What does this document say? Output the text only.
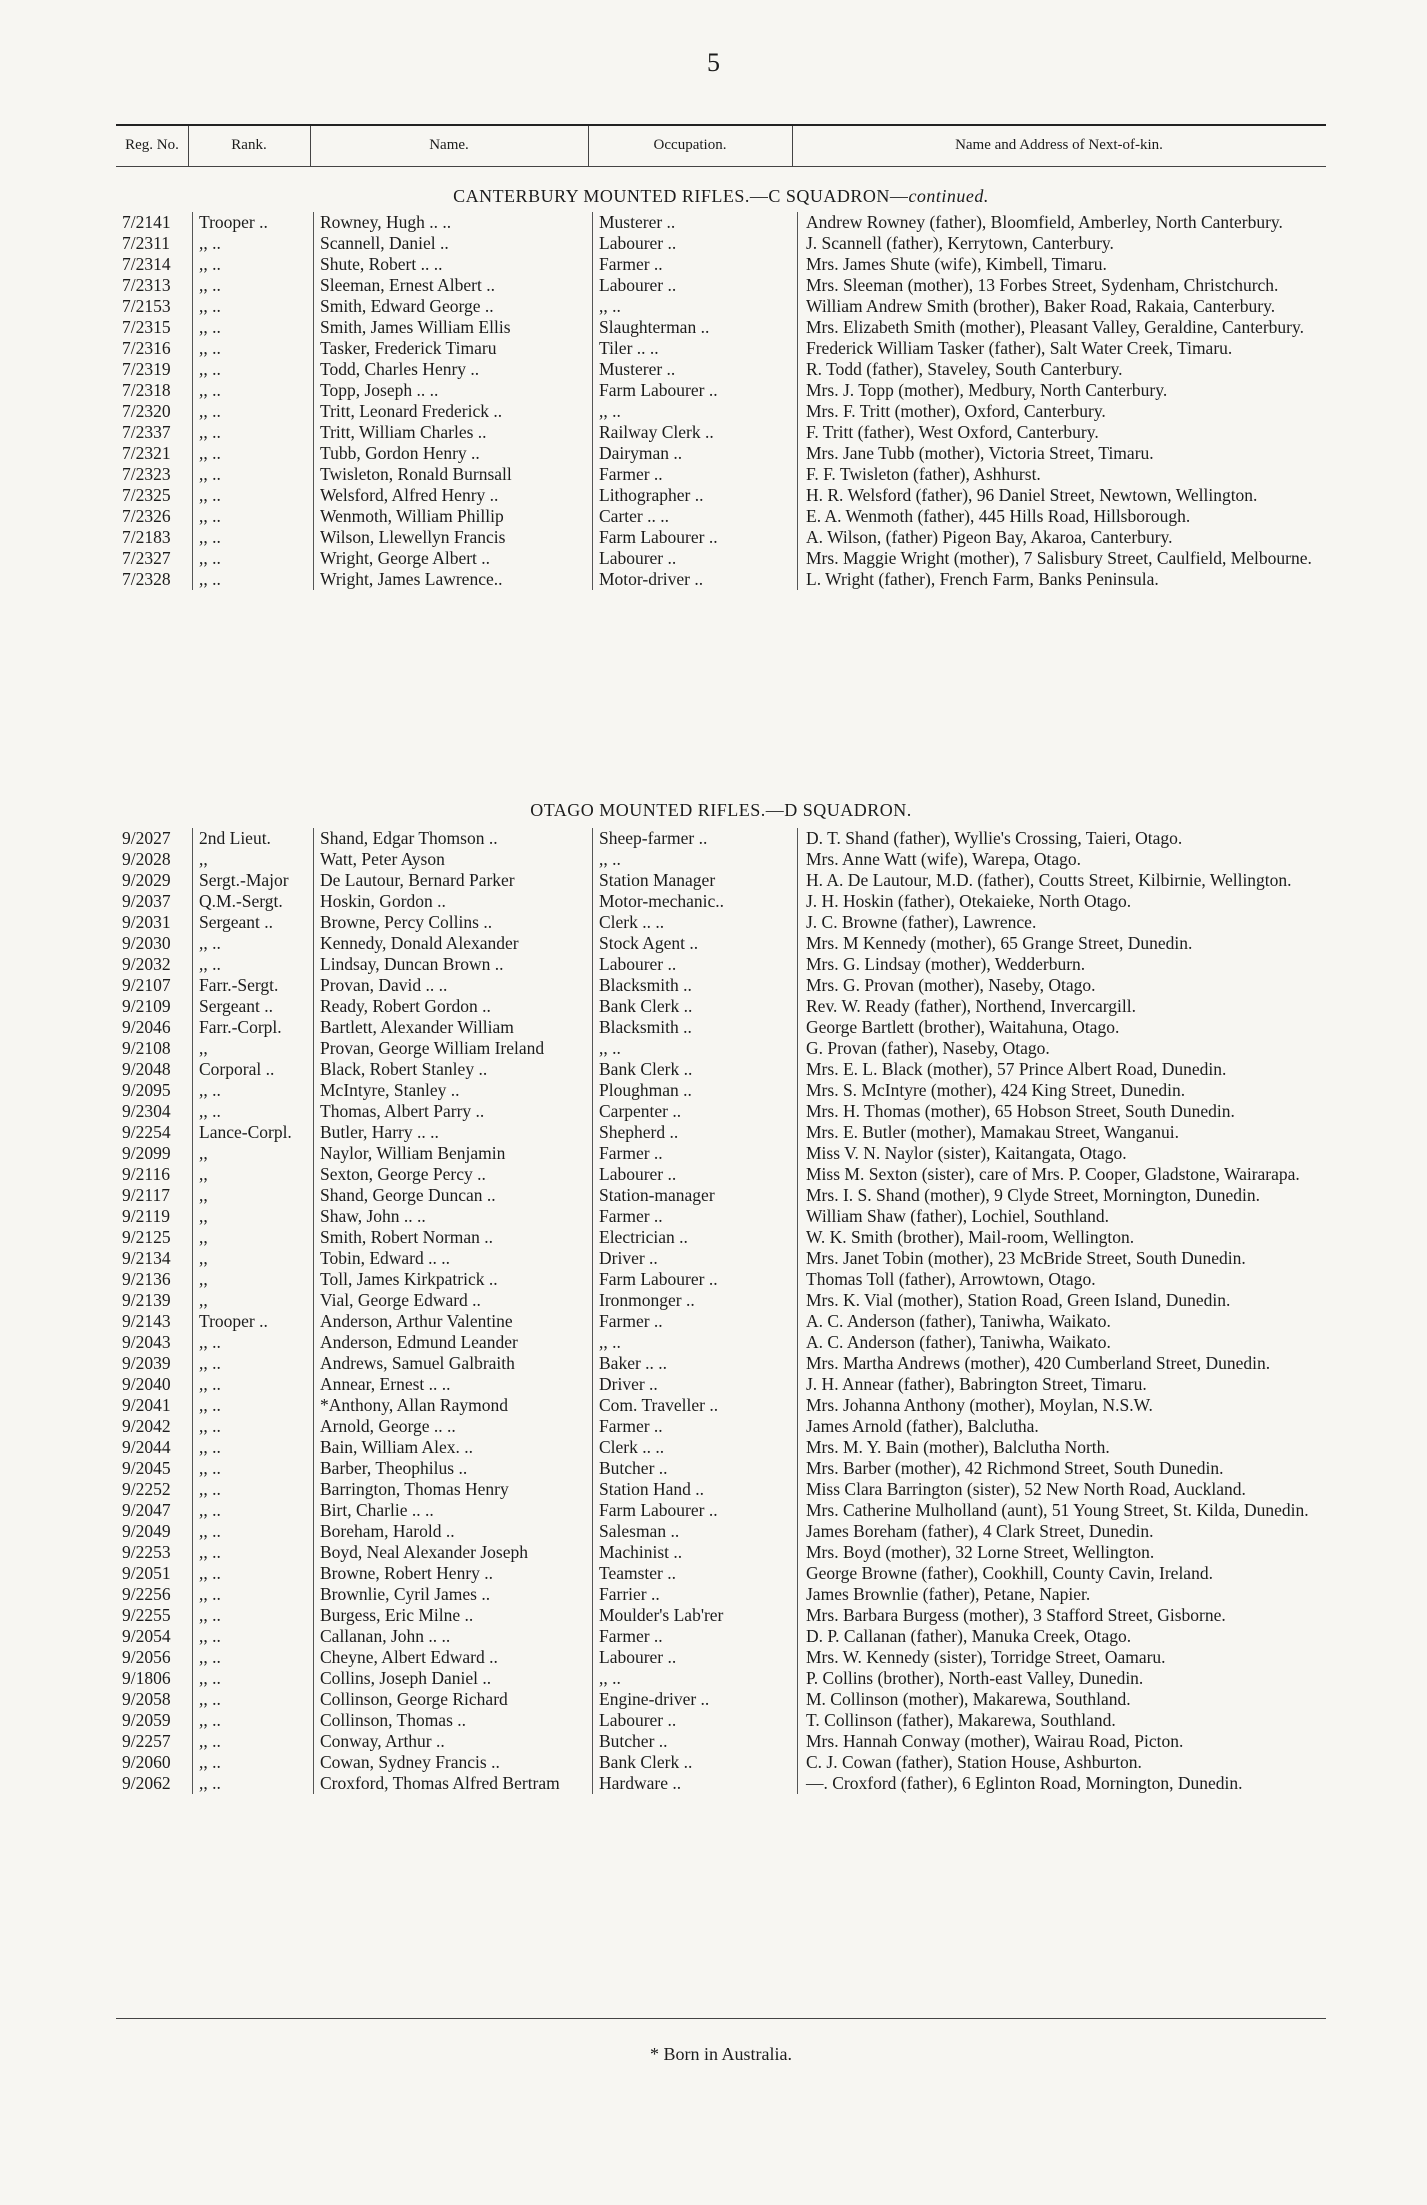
5
Reg. No.	Rank.	Name.	Occupation.	Name and Address of Next-of-kin.
CANTERBURY MOUNTED RIFLES.—C SQUADRON—continued.
7/2141	Trooper ..	Rowney, Hugh .. ..	Musterer ..	Andrew Rowney (father), Bloomfield, Amberley, North Canterbury.
7/2311	,, ..	Scannell, Daniel ..	Labourer ..	J. Scannell (father), Kerrytown, Canterbury.
7/2314	,, ..	Shute, Robert .. ..	Farmer ..	Mrs. James Shute (wife), Kimbell, Timaru.
7/2313	,, ..	Sleeman, Ernest Albert ..	Labourer ..	Mrs. Sleeman (mother), 13 Forbes Street, Sydenham, Christchurch.
7/2153	,, ..	Smith, Edward George ..	,, ..	William Andrew Smith (brother), Baker Road, Rakaia, Canterbury.
7/2315	,, ..	Smith, James William Ellis	Slaughterman ..	Mrs. Elizabeth Smith (mother), Pleasant Valley, Geraldine, Canterbury.
7/2316	,, ..	Tasker, Frederick Timaru	Tiler .. ..	Frederick William Tasker (father), Salt Water Creek, Timaru.
7/2319	,, ..	Todd, Charles Henry ..	Musterer ..	R. Todd (father), Staveley, South Canterbury.
7/2318	,, ..	Topp, Joseph .. ..	Farm Labourer ..	Mrs. J. Topp (mother), Medbury, North Canterbury.
7/2320	,, ..	Tritt, Leonard Frederick ..	,, ..	Mrs. F. Tritt (mother), Oxford, Canterbury.
7/2337	,, ..	Tritt, William Charles ..	Railway Clerk ..	F. Tritt (father), West Oxford, Canterbury.
7/2321	,, ..	Tubb, Gordon Henry ..	Dairyman ..	Mrs. Jane Tubb (mother), Victoria Street, Timaru.
7/2323	,, ..	Twisleton, Ronald Burnsall	Farmer ..	F. F. Twisleton (father), Ashhurst.
7/2325	,, ..	Welsford, Alfred Henry ..	Lithographer ..	H. R. Welsford (father), 96 Daniel Street, Newtown, Wellington.
7/2326	,, ..	Wenmoth, William Phillip	Carter .. ..	E. A. Wenmoth (father), 445 Hills Road, Hillsborough.
7/2183	,, ..	Wilson, Llewellyn Francis	Farm Labourer ..	A. Wilson, (father) Pigeon Bay, Akaroa, Canterbury.
7/2327	,, ..	Wright, George Albert ..	Labourer ..	Mrs. Maggie Wright (mother), 7 Salisbury Street, Caulfield, Melbourne.
7/2328	,, ..	Wright, James Lawrence..	Motor-driver ..	L. Wright (father), French Farm, Banks Peninsula.
OTAGO MOUNTED RIFLES.—D SQUADRON.
9/2027	2nd Lieut.	Shand, Edgar Thomson ..	Sheep-farmer ..	D. T. Shand (father), Wyllie's Crossing, Taieri, Otago.
9/2028	,,	Watt, Peter Ayson	,, ..	Mrs. Anne Watt (wife), Warepa, Otago.
9/2029	Sergt.-Major	De Lautour, Bernard Parker	Station Manager	H. A. De Lautour, M.D. (father), Coutts Street, Kilbirnie, Wellington.
9/2037	Q.M.-Sergt.	Hoskin, Gordon ..	Motor-mechanic..	J. H. Hoskin (father), Otekaieke, North Otago.
9/2031	Sergeant ..	Browne, Percy Collins ..	Clerk .. ..	J. C. Browne (father), Lawrence.
9/2030	,, ..	Kennedy, Donald Alexander	Stock Agent ..	Mrs. M Kennedy (mother), 65 Grange Street, Dunedin.
9/2032	,, ..	Lindsay, Duncan Brown ..	Labourer ..	Mrs. G. Lindsay (mother), Wedderburn.
9/2107	Farr.-Sergt.	Provan, David .. ..	Blacksmith ..	Mrs. G. Provan (mother), Naseby, Otago.
9/2109	Sergeant ..	Ready, Robert Gordon ..	Bank Clerk ..	Rev. W. Ready (father), Northend, Invercargill.
9/2046	Farr.-Corpl.	Bartlett, Alexander William	Blacksmith ..	George Bartlett (brother), Waitahuna, Otago.
9/2108	,,	Provan, George William Ireland	,, ..	G. Provan (father), Naseby, Otago.
9/2048	Corporal ..	Black, Robert Stanley ..	Bank Clerk ..	Mrs. E. L. Black (mother), 57 Prince Albert Road, Dunedin.
9/2095	,, ..	McIntyre, Stanley ..	Ploughman ..	Mrs. S. McIntyre (mother), 424 King Street, Dunedin.
9/2304	,, ..	Thomas, Albert Parry ..	Carpenter ..	Mrs. H. Thomas (mother), 65 Hobson Street, South Dunedin.
9/2254	Lance-Corpl.	Butler, Harry .. ..	Shepherd ..	Mrs. E. Butler (mother), Mamakau Street, Wanganui.
9/2099	,,	Naylor, William Benjamin	Farmer ..	Miss V. N. Naylor (sister), Kaitangata, Otago.
9/2116	,,	Sexton, George Percy ..	Labourer ..	Miss M. Sexton (sister), care of Mrs. P. Cooper, Gladstone, Wairarapa.
9/2117	,,	Shand, George Duncan ..	Station-manager	Mrs. I. S. Shand (mother), 9 Clyde Street, Mornington, Dunedin.
9/2119	,,	Shaw, John .. ..	Farmer ..	William Shaw (father), Lochiel, Southland.
9/2125	,,	Smith, Robert Norman ..	Electrician ..	W. K. Smith (brother), Mail-room, Wellington.
9/2134	,,	Tobin, Edward .. ..	Driver ..	Mrs. Janet Tobin (mother), 23 McBride Street, South Dunedin.
9/2136	,,	Toll, James Kirkpatrick ..	Farm Labourer ..	Thomas Toll (father), Arrowtown, Otago.
9/2139	,,	Vial, George Edward ..	Ironmonger ..	Mrs. K. Vial (mother), Station Road, Green Island, Dunedin.
9/2143	Trooper ..	Anderson, Arthur Valentine	Farmer ..	A. C. Anderson (father), Taniwha, Waikato.
9/2043	,, ..	Anderson, Edmund Leander	,, ..	A. C. Anderson (father), Taniwha, Waikato.
9/2039	,, ..	Andrews, Samuel Galbraith	Baker .. ..	Mrs. Martha Andrews (mother), 420 Cumberland Street, Dunedin.
9/2040	,, ..	Annear, Ernest .. ..	Driver ..	J. H. Annear (father), Babrington Street, Timaru.
9/2041	,, ..	*Anthony, Allan Raymond	Com. Traveller ..	Mrs. Johanna Anthony (mother), Moylan, N.S.W.
9/2042	,, ..	Arnold, George .. ..	Farmer ..	James Arnold (father), Balclutha.
9/2044	,, ..	Bain, William Alex. ..	Clerk .. ..	Mrs. M. Y. Bain (mother), Balclutha North.
9/2045	,, ..	Barber, Theophilus ..	Butcher ..	Mrs. Barber (mother), 42 Richmond Street, South Dunedin.
9/2252	,, ..	Barrington, Thomas Henry	Station Hand ..	Miss Clara Barrington (sister), 52 New North Road, Auckland.
9/2047	,, ..	Birt, Charlie .. ..	Farm Labourer ..	Mrs. Catherine Mulholland (aunt), 51 Young Street, St. Kilda, Dunedin.
9/2049	,, ..	Boreham, Harold ..	Salesman ..	James Boreham (father), 4 Clark Street, Dunedin.
9/2253	,, ..	Boyd, Neal Alexander Joseph	Machinist ..	Mrs. Boyd (mother), 32 Lorne Street, Wellington.
9/2051	,, ..	Browne, Robert Henry ..	Teamster ..	George Browne (father), Cookhill, County Cavin, Ireland.
9/2256	,, ..	Brownlie, Cyril James ..	Farrier ..	James Brownlie (father), Petane, Napier.
9/2255	,, ..	Burgess, Eric Milne ..	Moulder's Lab'rer	Mrs. Barbara Burgess (mother), 3 Stafford Street, Gisborne.
9/2054	,, ..	Callanan, John .. ..	Farmer ..	D. P. Callanan (father), Manuka Creek, Otago.
9/2056	,, ..	Cheyne, Albert Edward ..	Labourer ..	Mrs. W. Kennedy (sister), Torridge Street, Oamaru.
9/1806	,, ..	Collins, Joseph Daniel ..	,, ..	P. Collins (brother), North-east Valley, Dunedin.
9/2058	,, ..	Collinson, George Richard	Engine-driver ..	M. Collinson (mother), Makarewa, Southland.
9/2059	,, ..	Collinson, Thomas ..	Labourer ..	T. Collinson (father), Makarewa, Southland.
9/2257	,, ..	Conway, Arthur ..	Butcher ..	Mrs. Hannah Conway (mother), Wairau Road, Picton.
9/2060	,, ..	Cowan, Sydney Francis ..	Bank Clerk ..	C. J. Cowan (father), Station House, Ashburton.
9/2062	,, ..	Croxford, Thomas Alfred Bertram	Hardware ..	—. Croxford (father), 6 Eglinton Road, Mornington, Dunedin.
* Born in Australia.
